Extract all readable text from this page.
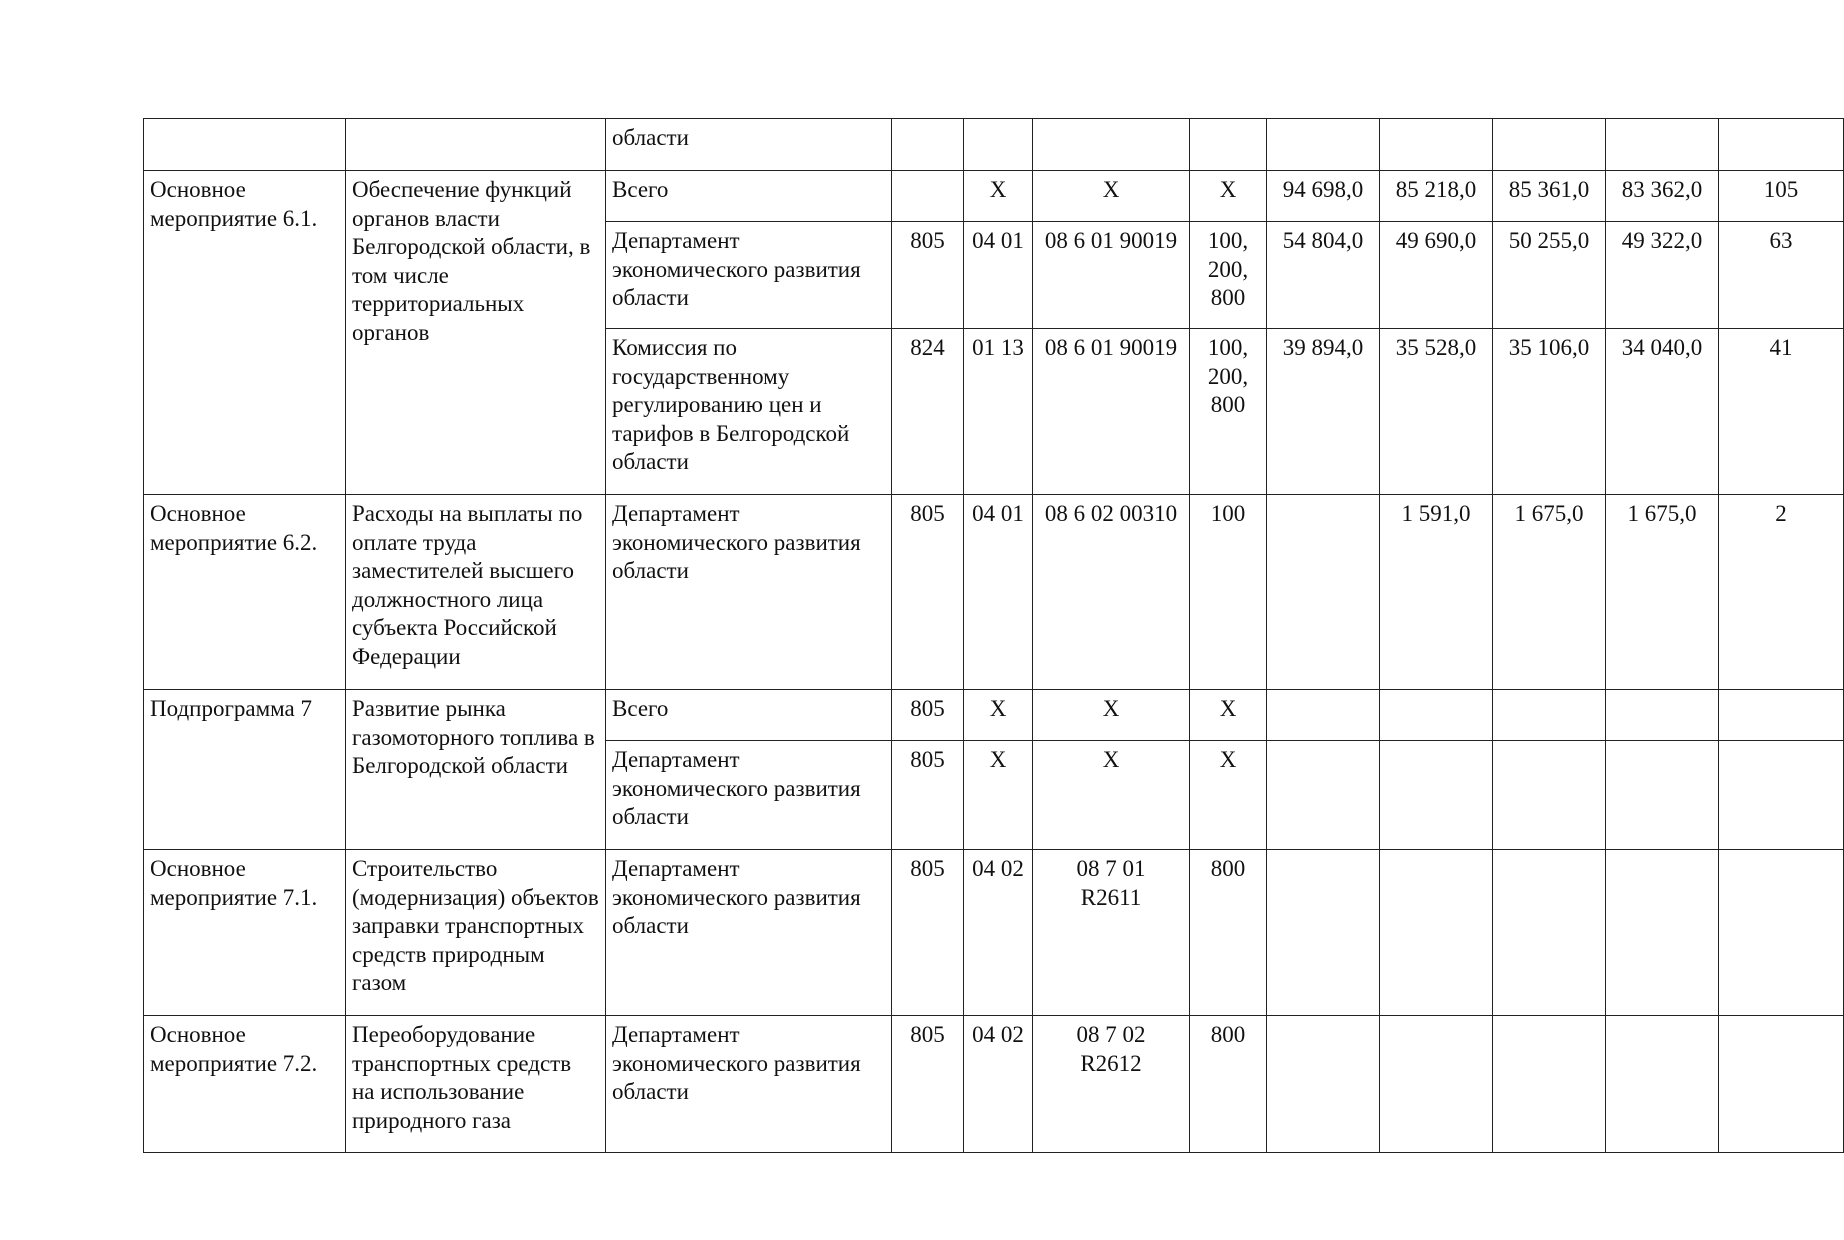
		области									
Основное мероприятие 6.1.	Обеспечение функций органов власти Белгородской области, в том числе территориальных органов	Всего		X	X	X	94 698,0	85 218,0	85 361,0	83 362,0	105
		Департамент экономического развития области	805	04 01	08 6 01 90019	100,
200,
800	54 804,0	49 690,0	50 255,0	49 322,0	63
		Комиссия по государственному регулированию цен и тарифов в Белгородской области	824	01 13	08 6 01 90019	100,
200,
800	39 894,0	35 528,0	35 106,0	34 040,0	41
Основное мероприятие 6.2.	Расходы на выплаты по оплате труда заместителей высшего должностного лица субъекта Российской Федерации	Департамент экономического развития области	805	04 01	08 6 02 00310	100		1 591,0	1 675,0	1 675,0	2
Подпрограмма 7	Развитие рынка газомоторного топлива в Белгородской области	Всего	805	X	X	X					
		Департамент экономического развития области	805	X	X	X					
Основное мероприятие 7.1.	Строительство (модернизация) объектов заправки транспортных средств природным газом	Департамент экономического развития области	805	04 02	08 7 01
R2611	800					
Основное мероприятие 7.2.	Переоборудование транспортных средств на использование природного газа	Департамент экономического развития области	805	04 02	08 7 02
R2612	800					
